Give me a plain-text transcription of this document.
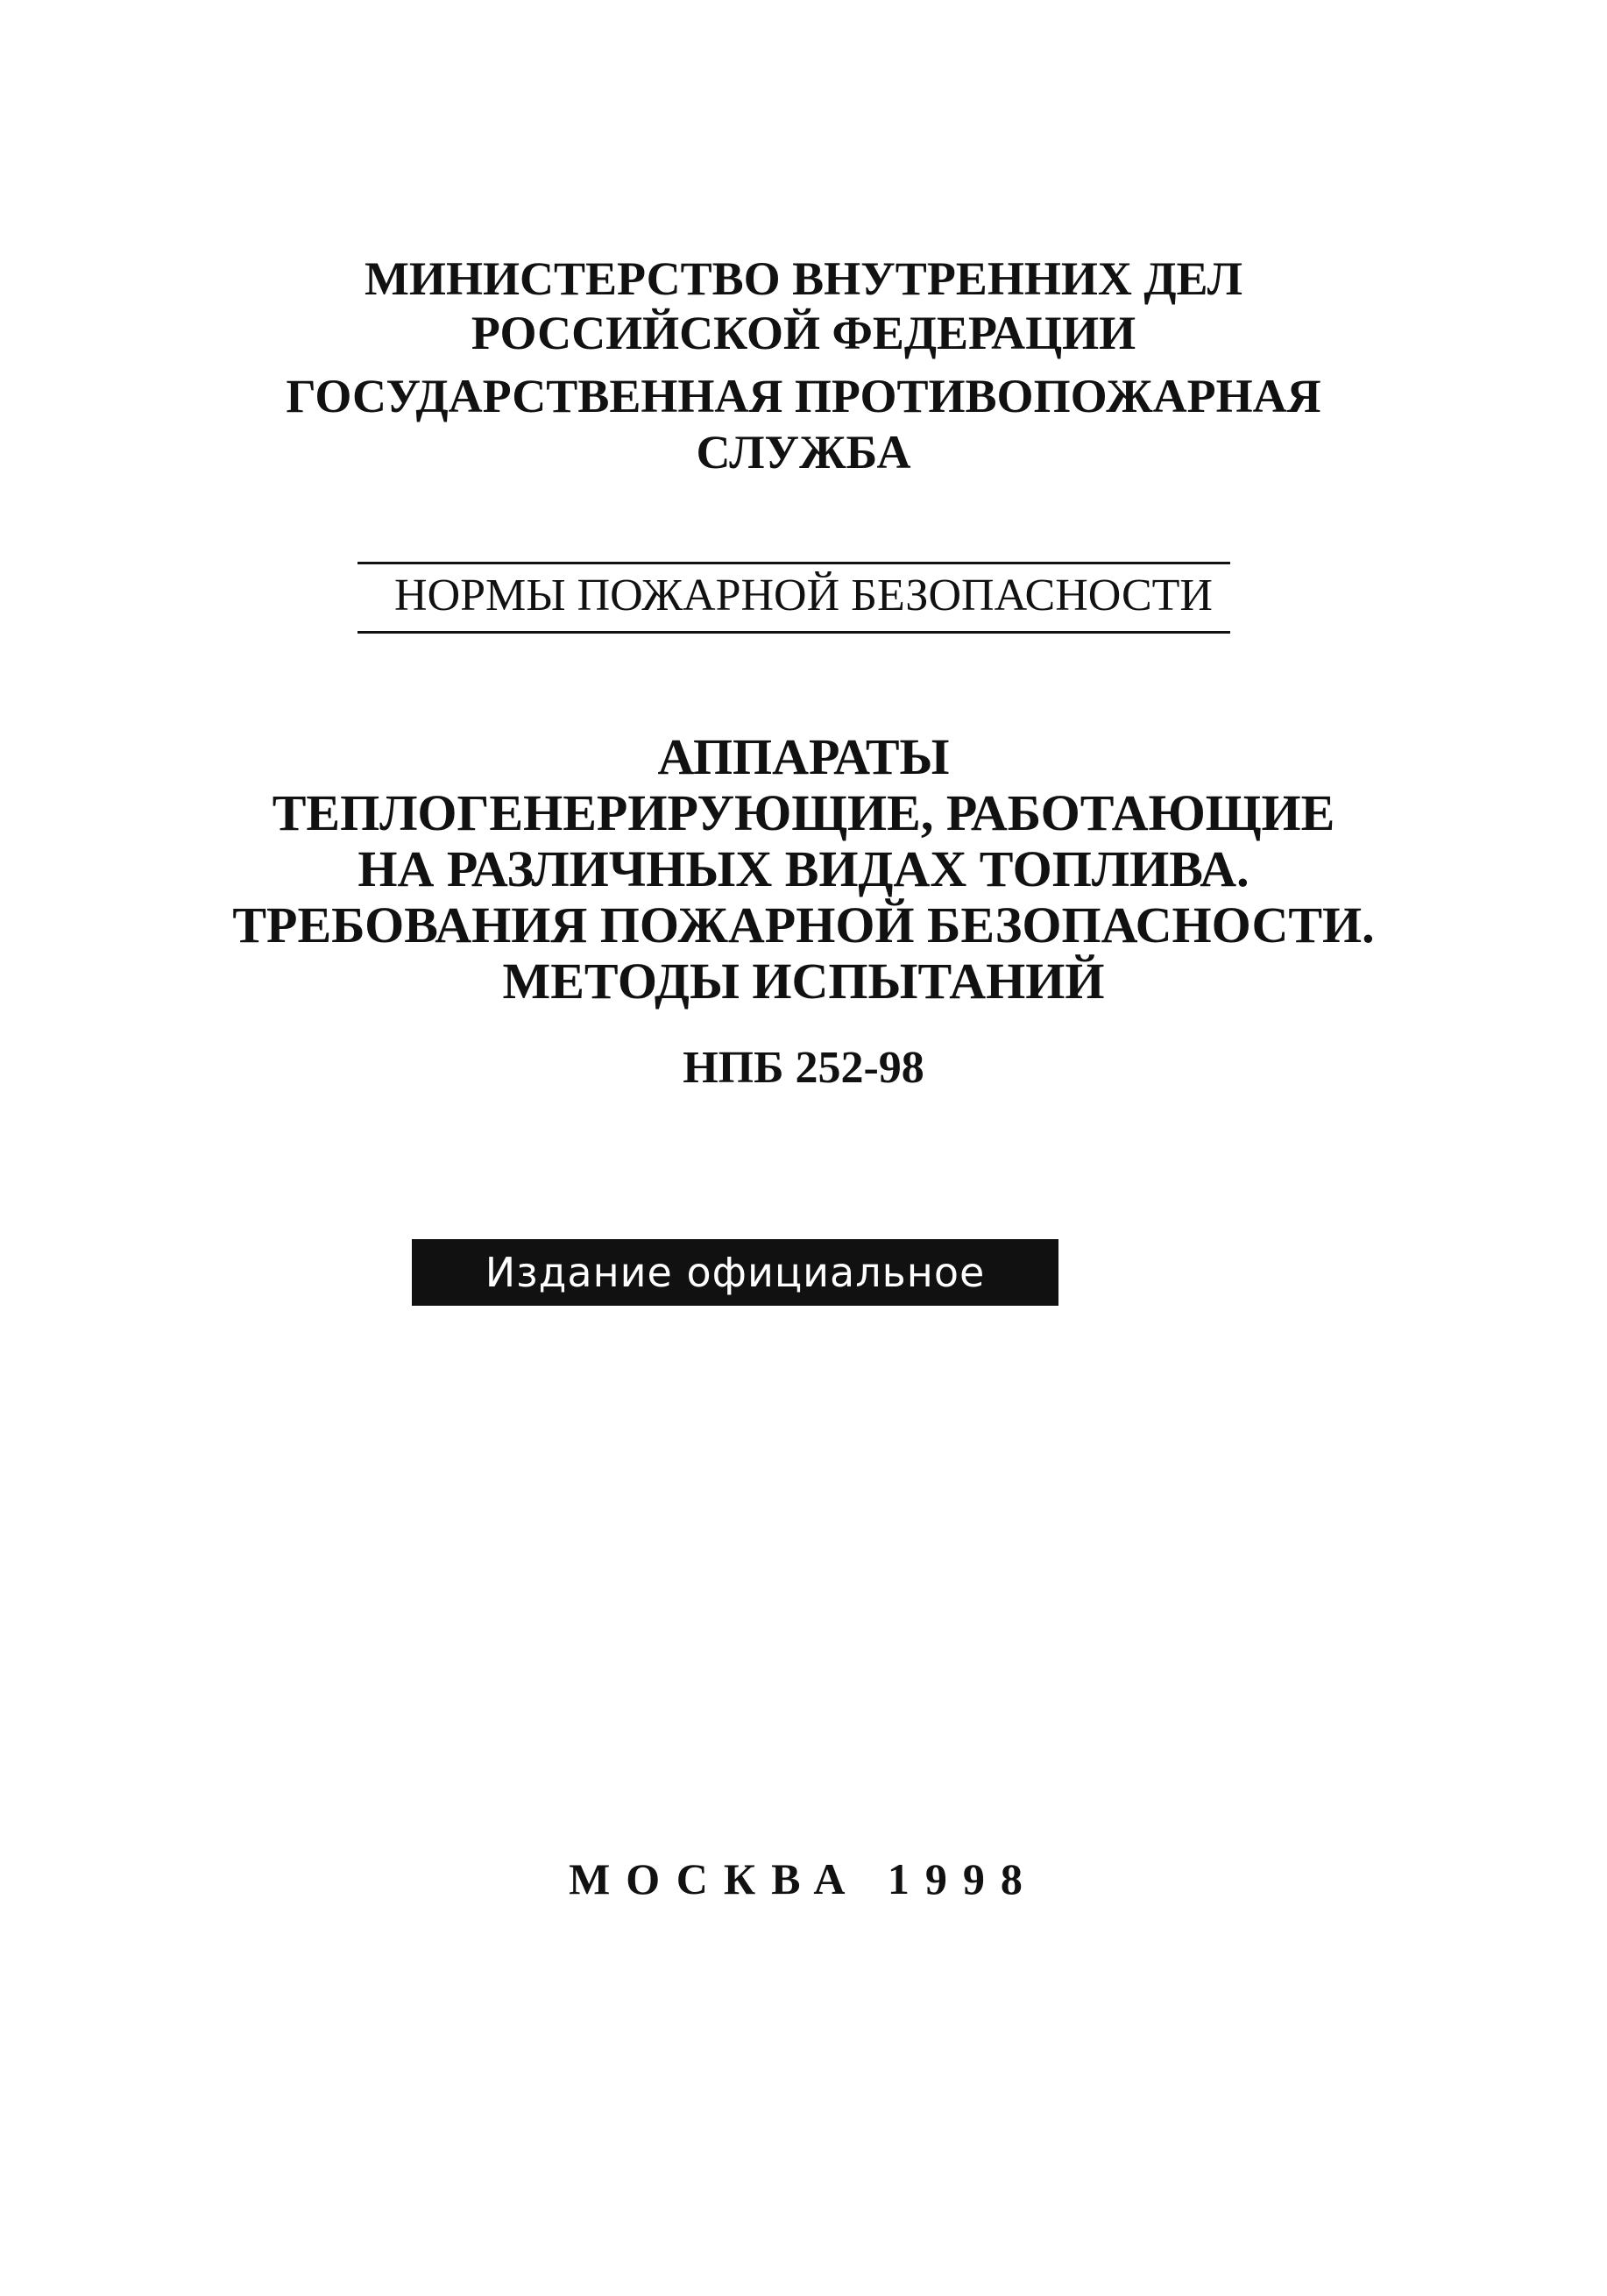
МИНИСТЕРСТВО ВНУТРЕННИХ ДЕЛ
РОССИЙСКОЙ ФЕДЕРАЦИИ
ГОСУДАРСТВЕННАЯ ПРОТИВОПОЖАРНАЯ
СЛУЖБА
НОРМЫ ПОЖАРНОЙ БЕЗОПАСНОСТИ
АППАРАТЫ
ТЕПЛОГЕНЕРИРУЮЩИЕ, РАБОТАЮЩИЕ
НА РАЗЛИЧНЫХ ВИДАХ ТОПЛИВА.
ТРЕБОВАНИЯ ПОЖАРНОЙ БЕЗОПАСНОСТИ.
МЕТОДЫ ИСПЫТАНИЙ
НПБ 252-98
Издание официальное
МОСКВА 1998
